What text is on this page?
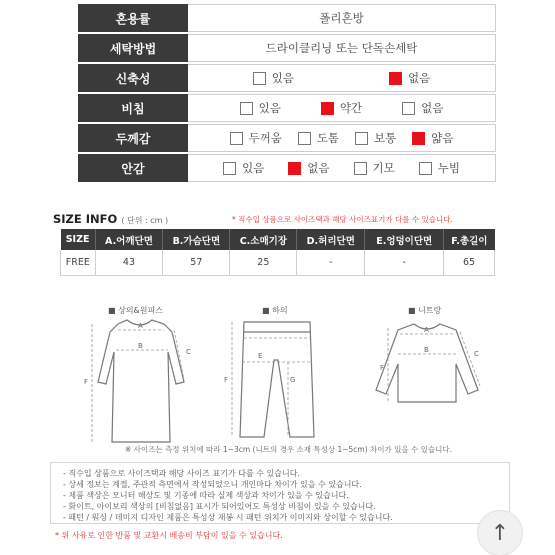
혼용률	폴리혼방
세탁방법	드라이클리닝 또는 단독손세탁
신축성	있음	없음
비침	있음	약간	없음
두께감	두꺼움	도톰	보통	얇음
안감	있음	없음	기모	누빔
SIZE INFO ( 단위 : cm )	* 직수입 상품으로 사이즈택과 해당 사이즈표기가 다를 수 있습니다.
SIZE	A.어깨단면	B.가슴단면	C.소매기장	D.허리단면	E.엉덩이단면	F.총길이
FREE	43	57	25	-	-	65
■ 상의&원피스	■ 하의	■ 니트랑
A
B
C
F
E
F	G
A
B	C
F
※ 사이즈는 측정 위치에 따라 1~3cm (니트의 경우 소재 특성상 1~5cm) 차이가 있을 수 있습니다.
- 직수입 상품으로 사이즈택과 해당 사이즈 표기가 다를 수 있습니다.
- 상세 정보는 계절, 주관적 측면에서 작성되었으니 개인마다 차이가 있을 수 있습니다.
- 제품 색상은 모니터 해상도 및 기종에 따라 실제 색상과 차이가 있을 수 있습니다.
- 화이트, 아이보리 색상의 [비침없음] 표시가 되어있어도 특성상 비침이 있을 수 있습니다.
- 패턴 / 워싱 / 데미지 디자인 제품은 특성상 재봉 시 패턴 위치가 이미지와 상이할 수 있습니다.
* 위 사유로 인한 반품 및 교환시 배송비 부담이 있을 수 있습니다.	↑
